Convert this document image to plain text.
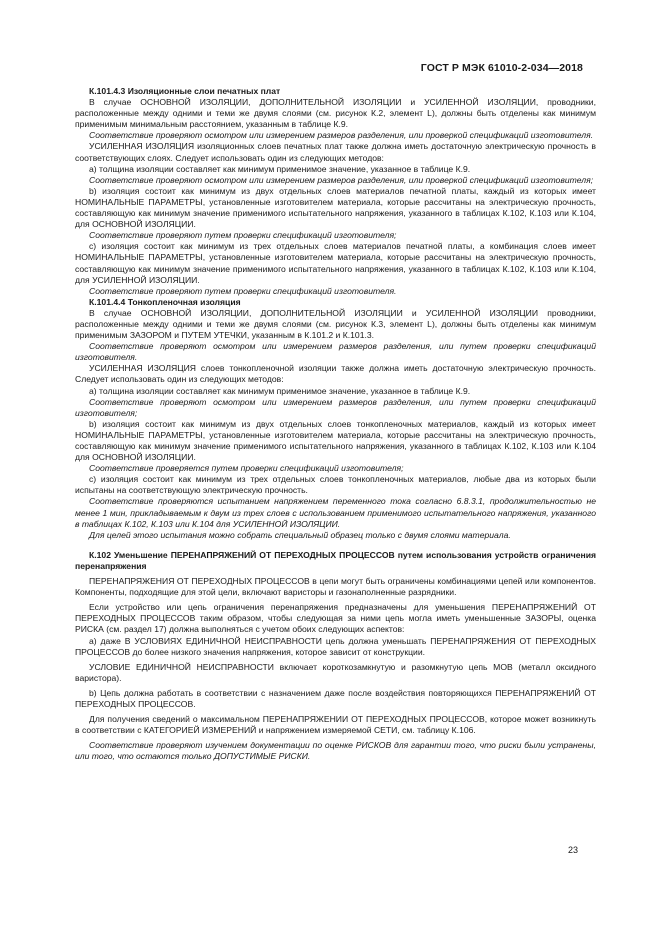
ГОСТ Р МЭК 61010-2-034—2018

К.101.4.3 Изоляционные слои печатных плат

В случае ОСНОВНОЙ ИЗОЛЯЦИИ, ДОПОЛНИТЕЛЬНОЙ ИЗОЛЯЦИИ и УСИЛЕННОЙ ИЗОЛЯЦИИ, проводники, расположенные между одними и теми же двумя слоями (см. рисунок К.2, элемент L), должны быть отделены как минимум применимым минимальным расстоянием, указанным в таблице К.9.

Соответствие проверяют осмотром или измерением размеров разделения, или проверкой спецификаций изготовителя.

УСИЛЕННАЯ ИЗОЛЯЦИЯ изоляционных слоев печатных плат также должна иметь достаточную электрическую прочность в соответствующих слоях. Следует использовать один из следующих методов:

а) толщина изоляции составляет как минимум применимое значение, указанное в таблице К.9.

Соответствие проверяют осмотром или измерением размеров разделения, или проверкой спецификаций изготовителя;

b) изоляция состоит как минимум из двух отдельных слоев материалов печатной платы, каждый из которых имеет НОМИНАЛЬНЫЕ ПАРАМЕТРЫ, установленные изготовителем материала, которые рассчитаны на электрическую прочность, составляющую как минимум значение применимого испытательного напряжения, указанного в таблицах К.102, К.103 или К.104, для ОСНОВНОЙ ИЗОЛЯЦИИ.

Соответствие проверяют путем проверки спецификаций изготовителя;

с) изоляция состоит как минимум из трех отдельных слоев материалов печатной платы, а комбинация слоев имеет НОМИНАЛЬНЫЕ ПАРАМЕТРЫ, установленные изготовителем материала, которые рассчитаны на электрическую прочность, составляющую как минимум значение применимого испытательного напряжения, указанного в таблицах К.102, К.103 или К.104, для УСИЛЕННОЙ ИЗОЛЯЦИИ.

Соответствие проверяют путем проверки спецификаций изготовителя.

К.101.4.4 Тонкопленочная изоляция

В случае ОСНОВНОЙ ИЗОЛЯЦИИ, ДОПОЛНИТЕЛЬНОЙ ИЗОЛЯЦИИ и УСИЛЕННОЙ ИЗОЛЯЦИИ проводники, расположенные между одними и теми же двумя слоями (см. рисунок К.3, элемент L), должны быть отделены как минимум применимым ЗАЗОРОМ и ПУТЕМ УТЕЧКИ, указанным в К.101.2 и К.101.3.

Соответствие проверяют осмотром или измерением размеров разделения, или путем проверки спецификаций изготовителя.

УСИЛЕННАЯ ИЗОЛЯЦИЯ слоев тонкопленочной изоляции также должна иметь достаточную электрическую прочность. Следует использовать один из следующих методов:

а) толщина изоляции составляет как минимум применимое значение, указанное в таблице К.9.

Соответствие проверяют осмотром или измерением размеров разделения, или путем проверки спецификаций изготовителя;

b) изоляция состоит как минимум из двух отдельных слоев тонкопленочных материалов, каждый из которых имеет НОМИНАЛЬНЫЕ ПАРАМЕТРЫ, установленные изготовителем материала, которые рассчитаны на электрическую прочность, составляющую как минимум значение применимого испытательного напряжения, указанного в таблицах К.102, К.103 или К.104 для ОСНОВНОЙ ИЗОЛЯЦИИ.

Соответствие проверяется путем проверки спецификаций изготовителя;

с) изоляция состоит как минимум из трех отдельных слоев тонкопленочных материалов, любые два из которых были испытаны на соответствующую электрическую прочность.

Соответствие проверяются испытанием напряжением переменного тока согласно 6.8.3.1, продолжительностью не менее 1 мин, прикладываемым к двум из трех слоев с использованием применимого испытательного напряжения, указанного в таблицах К.102, К.103 или К.104 для УСИЛЕННОЙ ИЗОЛЯЦИИ.

Для целей этого испытания можно собрать специальный образец только с двумя слоями материала.

К.102 Уменьшение ПЕРЕНАПРЯЖЕНИЙ ОТ ПЕРЕХОДНЫХ ПРОЦЕССОВ путем использования устройств ограничения перенапряжения

ПЕРЕНАПРЯЖЕНИЯ ОТ ПЕРЕХОДНЫХ ПРОЦЕССОВ в цепи могут быть ограничены комбинациями цепей или компонентов. Компоненты, подходящие для этой цели, включают варисторы и газонаполненные разрядники.

Если устройство или цепь ограничения перенапряжения предназначены для уменьшения ПЕРЕНАПРЯЖЕНИЙ ОТ ПЕРЕХОДНЫХ ПРОЦЕССОВ таким образом, чтобы следующая за ними цепь могла иметь уменьшенные ЗАЗОРЫ, оценка РИСКА (см. раздел 17) должна выполняться с учетом обоих следующих аспектов:

а) даже В УСЛОВИЯХ ЕДИНИЧНОЙ НЕИСПРАВНОСТИ цепь должна уменьшать ПЕРЕНАПРЯЖЕНИЯ ОТ ПЕРЕХОДНЫХ ПРОЦЕССОВ до более низкого значения напряжения, которое зависит от конструкции.

УСЛОВИЕ ЕДИНИЧНОЙ НЕИСПРАВНОСТИ включает короткозамкнутую и разомкнутую цепь МОВ (металл оксидного варистора).

b) Цепь должна работать в соответствии с назначением даже после воздействия повторяющихся ПЕРЕНАПРЯЖЕНИЙ ОТ ПЕРЕХОДНЫХ ПРОЦЕССОВ.

Для получения сведений о максимальном ПЕРЕНАПРЯЖЕНИИ ОТ ПЕРЕХОДНЫХ ПРОЦЕССОВ, которое может возникнуть в соответствии с КАТЕГОРИЕЙ ИЗМЕРЕНИЙ и напряжением измеряемой СЕТИ, см. таблицу К.106.

Соответствие проверяют изучением документации по оценке РИСКОВ для гарантии того, что риски были устранены, или того, что остаются только ДОПУСТИМЫЕ РИСКИ.

23
